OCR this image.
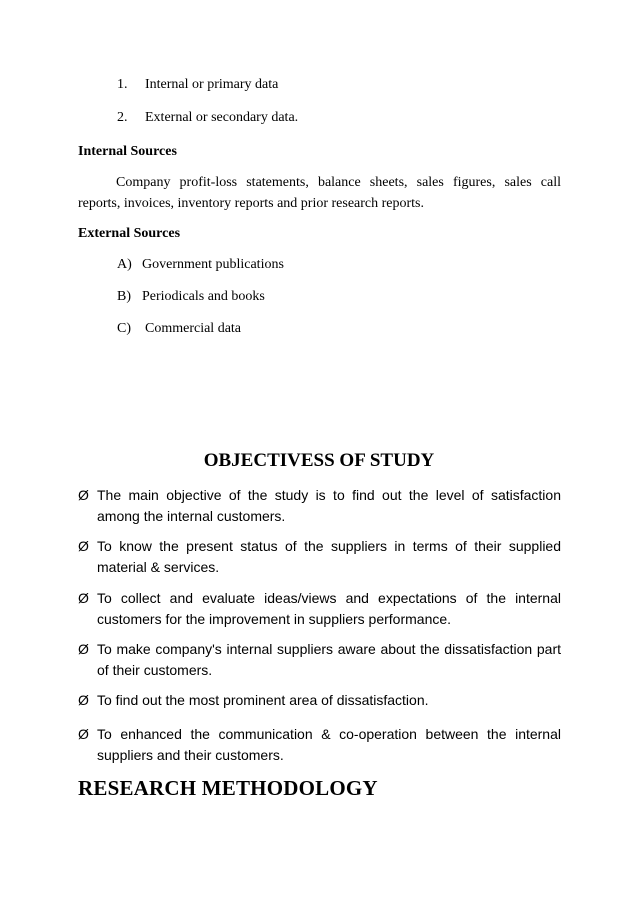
1. Internal or primary data
2. External or secondary data.
Internal Sources
Company profit-loss statements, balance sheets, sales figures, sales call reports, invoices, inventory reports and prior research reports.
External Sources
A) Government publications
B) Periodicals and books
C) Commercial data
OBJECTIVESS OF STUDY
Ø The main objective of the study is to find out the level of satisfaction among the internal customers.
Ø To know the present status of the suppliers in terms of their supplied material & services.
Ø To collect and evaluate ideas/views and expectations of the internal customers for the improvement in suppliers performance.
Ø To make company's internal suppliers aware about the dissatisfaction part of their customers.
Ø To find out the most prominent area of dissatisfaction.
Ø To enhanced the communication & co-operation between the internal suppliers and their customers.
RESEARCH METHODOLOGY
